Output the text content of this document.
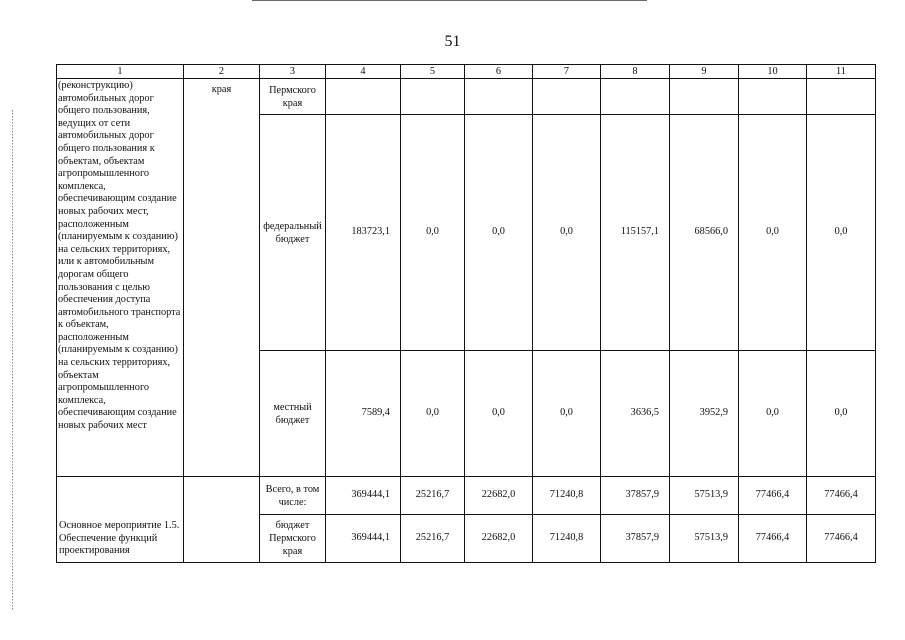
51
1	2	3	4	5	6	7	8	9	10	11
(реконструкцию) автомобильных дорог общего пользования, ведущих от сети автомобильных дорог общего пользования к объектам, объектам агропромышленного комплекса, обеспечивающим создание новых рабочих мест, расположенным (планируемым к созданию) на сельских территориях, или к автомобильным дорогам общего пользования с целью обеспечения доступа автомобильного транспорта к объектам, расположенным (планируемым к созданию) на сельских территориях, объектам агропромышленного комплекса, обеспечивающим создание новых рабочих мест	края	Пермского края								
		федеральный бюджет	183723,1	0,0	0,0	0,0	115157,1	68566,0	0,0	0,0
		местный бюджет	7589,4	0,0	0,0	0,0	3636,5	3952,9	0,0	0,0
Основное мероприятие 1.5. Обеспечение функций проектирования		Всего, в том числе:	369444,1	25216,7	22682,0	71240,8	37857,9	57513,9	77466,4	77466,4
		бюджет Пермского края	369444,1	25216,7	22682,0	71240,8	37857,9	57513,9	77466,4	77466,4
